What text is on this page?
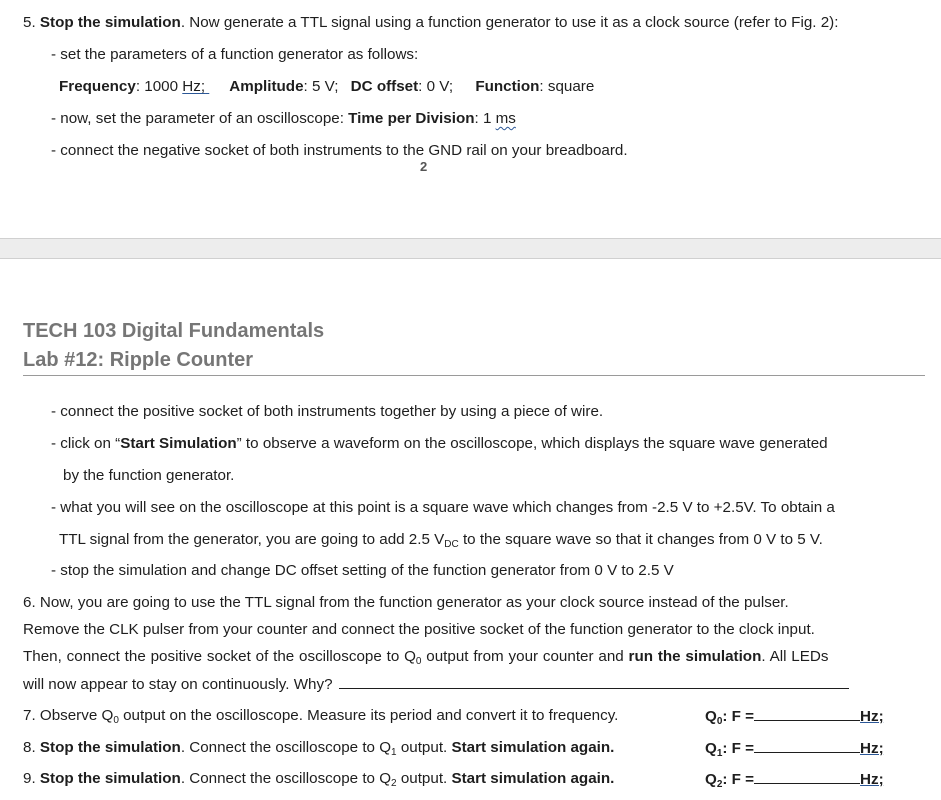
5. Stop the simulation. Now generate a TTL signal using a function generator to use it as a clock source (refer to Fig. 2):
- set the parameters of a function generator as follows:
Frequency: 1000 Hz; Amplitude: 5 V; DC offset: 0 V; Function: square
- now, set the parameter of an oscilloscope: Time per Division: 1 ms
- connect the negative socket of both instruments to the GND rail on your breadboard.
2
TECH 103 Digital Fundamentals
Lab #12: Ripple Counter
- connect the positive socket of both instruments together by using a piece of wire.
- click on “Start Simulation” to observe a waveform on the oscilloscope, which displays the square wave generated
by the function generator.
- what you will see on the oscilloscope at this point is a square wave which changes from -2.5 V to +2.5V. To obtain a
TTL signal from the generator, you are going to add 2.5 $V_{DC}$ to the square wave so that it changes from 0 V to 5 V.
- stop the simulation and change DC offset setting of the function generator from 0 V to 2.5 V
6. Now, you are going to use the TTL signal from the function generator as your clock source instead of the pulser.
Remove the CLK pulser from your counter and connect the positive socket of the function generator to the clock input.
Then, connect the positive socket of the oscilloscope to $Q_0$ output from your counter and run the simulation. All LEDs
will now appear to stay on continuously. Why?
7. Observe $Q_0$ output on the oscilloscope. Measure its period and convert it to frequency.	$Q_0$: F =	Hz;
8. Stop the simulation. Connect the oscilloscope to $Q_1$ output. Start simulation again.	$Q_1$: F =	Hz;
9. Stop the simulation. Connect the oscilloscope to $Q_2$ output. Start simulation again.	$Q_2$: F =	Hz;
